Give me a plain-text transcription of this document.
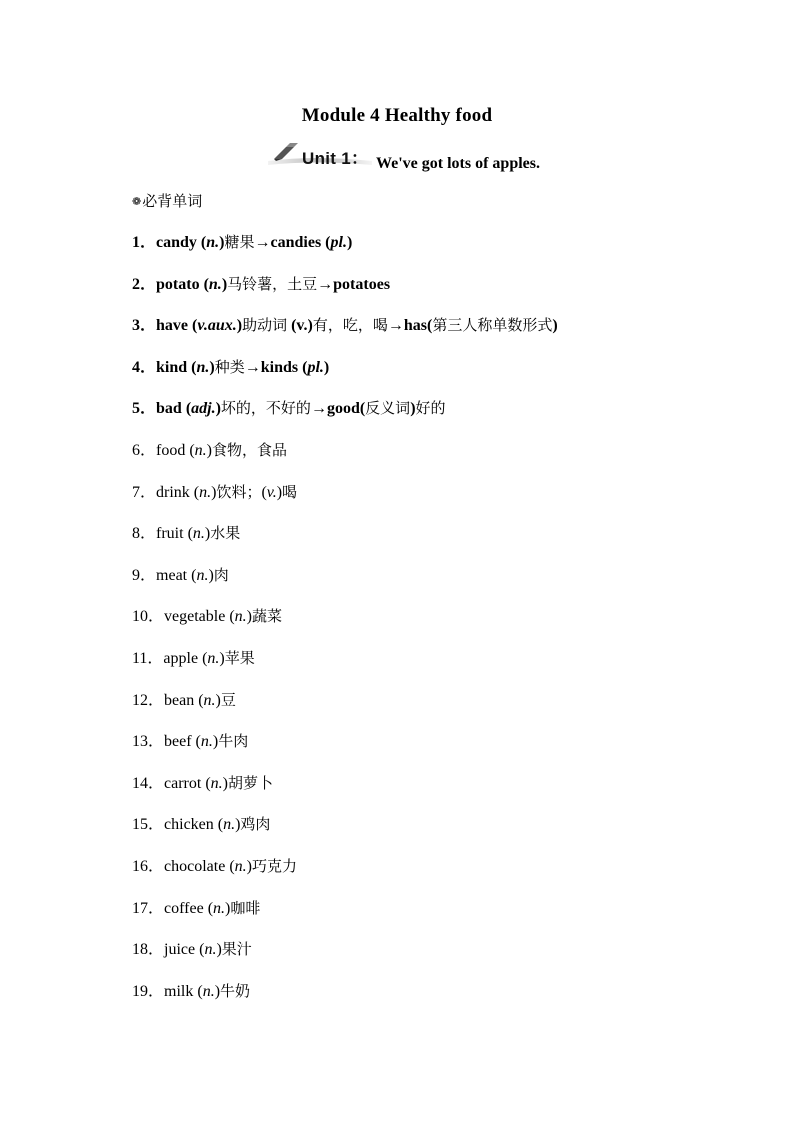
Module 4 Healthy food
Unit 1： We've got lots of apples.
❁必背单词
1．candy (n.)糖果→candies (pl.)
2．potato (n.)马铃薯，土豆→potatoes
3．have (v.aux.)助动词 (v.)有，吃，喝→has(第三人称单数形式)
4．kind (n.)种类→kinds (pl.)
5．bad (adj.)坏的，不好的→good(反义词)好的
6．food (n.)食物，食品
7．drink (n.)饮料；(v.)喝
8．fruit (n.)水果
9．meat (n.)肉
10．vegetable (n.)蔬菜
11．apple (n.)苹果
12．bean (n.)豆
13．beef (n.)牛肉
14．carrot (n.)胡萝卜
15．chicken (n.)鸡肉
16．chocolate (n.)巧克力
17．coffee (n.)咖啡
18．juice (n.)果汁
19．milk (n.)牛奶
